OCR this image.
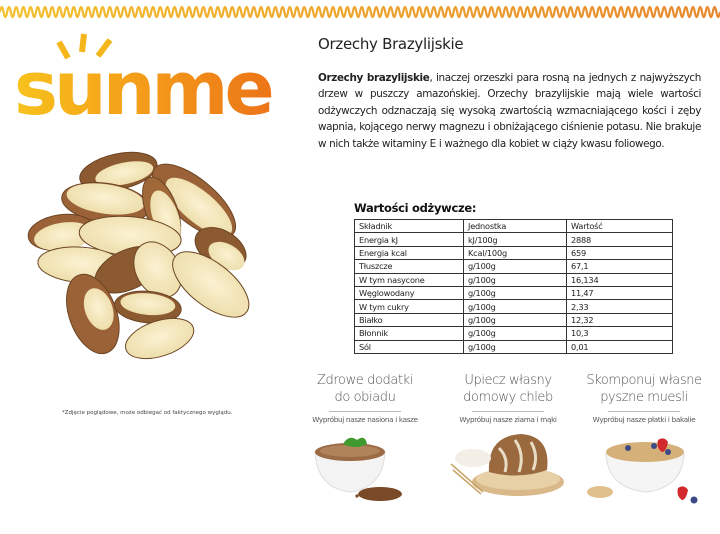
sunme
*Zdjęcie poglądowe, może odbiegać od faktycznego wyglądu.
Orzechy Brazylijskie
Orzechy brazylijskie, inaczej orzeszki para rosną na jednych z najwyższych drzew w puszczy amazońskiej. Orzechy brazylijskie mają wiele wartości odżywczych odznaczają się wysoką zwartością wzmacniającego kości i zęby wapnia, kojącego nerwy magnezu i obniżającego ciśnienie potasu. Nie brakuje w nich także witaminy E i ważnego dla kobiet w ciąży kwasu foliowego.
Wartości odżywcze:
Składnik	Jednostka	Wartość
Energia kJ	kJ/100g	2888
Energia kcal	Kcal/100g	659
Tłuszcze	g/100g	67,1
W tym nasycone	g/100g	16,134
Węglowodany	g/100g	11,47
W tym cukry	g/100g	2,33
Białko	g/100g	12,32
Błonnik	g/100g	10,3
Sól	g/100g	0,01
Zdrowe dodatki
do obiadu
Wypróbuj nasze nasiona i kasze
Upiecz własny
domowy chleb
Wypróbuj nasze ziarna i mąki
Skomponuj własne
pyszne muesli
Wypróbuj nasze płatki i bakalie
